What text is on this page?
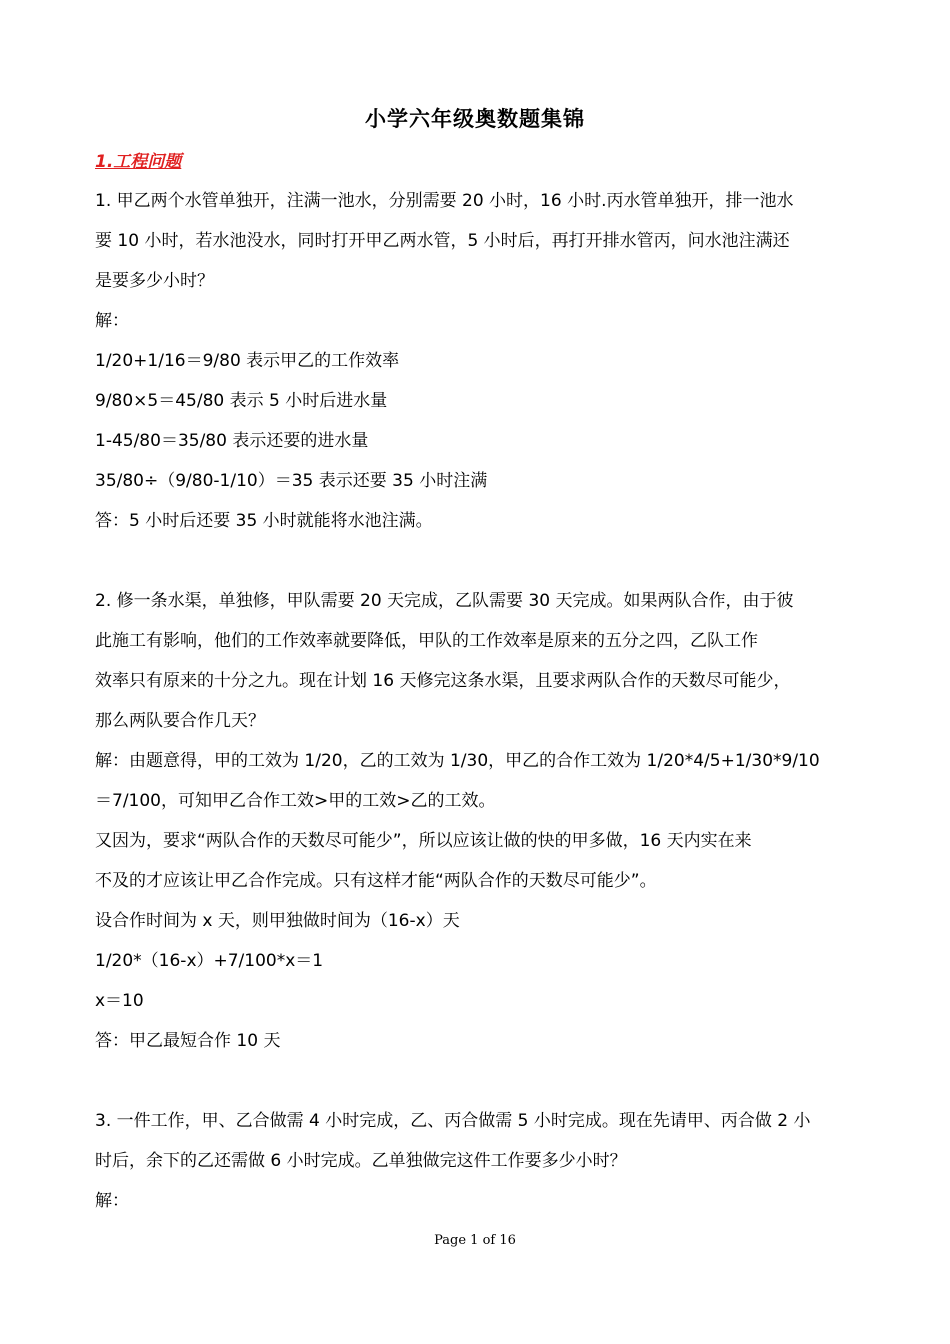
小学六年级奥数题集锦
1.工程问题

1. 甲乙两个水管单独开，注满一池水，分别需要 20 小时，16 小时.丙水管单独开，排一池水

要 10 小时，若水池没水，同时打开甲乙两水管，5 小时后，再打开排水管丙，问水池注满还

是要多少小时？

解：

1/20+1/16＝9/80 表示甲乙的工作效率

9/80×5＝45/80 表示 5 小时后进水量

1-45/80＝35/80 表示还要的进水量

35/80÷（9/80-1/10）＝35 表示还要 35 小时注满

答：5 小时后还要 35 小时就能将水池注满。

2. 修一条水渠，单独修，甲队需要 20 天完成，乙队需要 30 天完成。如果两队合作，由于彼

此施工有影响，他们的工作效率就要降低，甲队的工作效率是原来的五分之四，乙队工作

效率只有原来的十分之九。现在计划 16 天修完这条水渠，且要求两队合作的天数尽可能少，

那么两队要合作几天？

解：由题意得，甲的工效为 1/20，乙的工效为 1/30，甲乙的合作工效为 1/20*4/5+1/30*9/10

＝7/100，可知甲乙合作工效>甲的工效>乙的工效。

又因为，要求“两队合作的天数尽可能少”，所以应该让做的快的甲多做，16 天内实在来

不及的才应该让甲乙合作完成。只有这样才能“两队合作的天数尽可能少”。

设合作时间为 x 天，则甲独做时间为（16-x）天

1/20*（16-x）+7/100*x＝1

x＝10

答：甲乙最短合作 10 天

3. 一件工作，甲、乙合做需 4 小时完成，乙、丙合做需 5 小时完成。现在先请甲、丙合做 2 小

时后，余下的乙还需做 6 小时完成。乙单独做完这件工作要多少小时？

解：

Page 1 of 16
